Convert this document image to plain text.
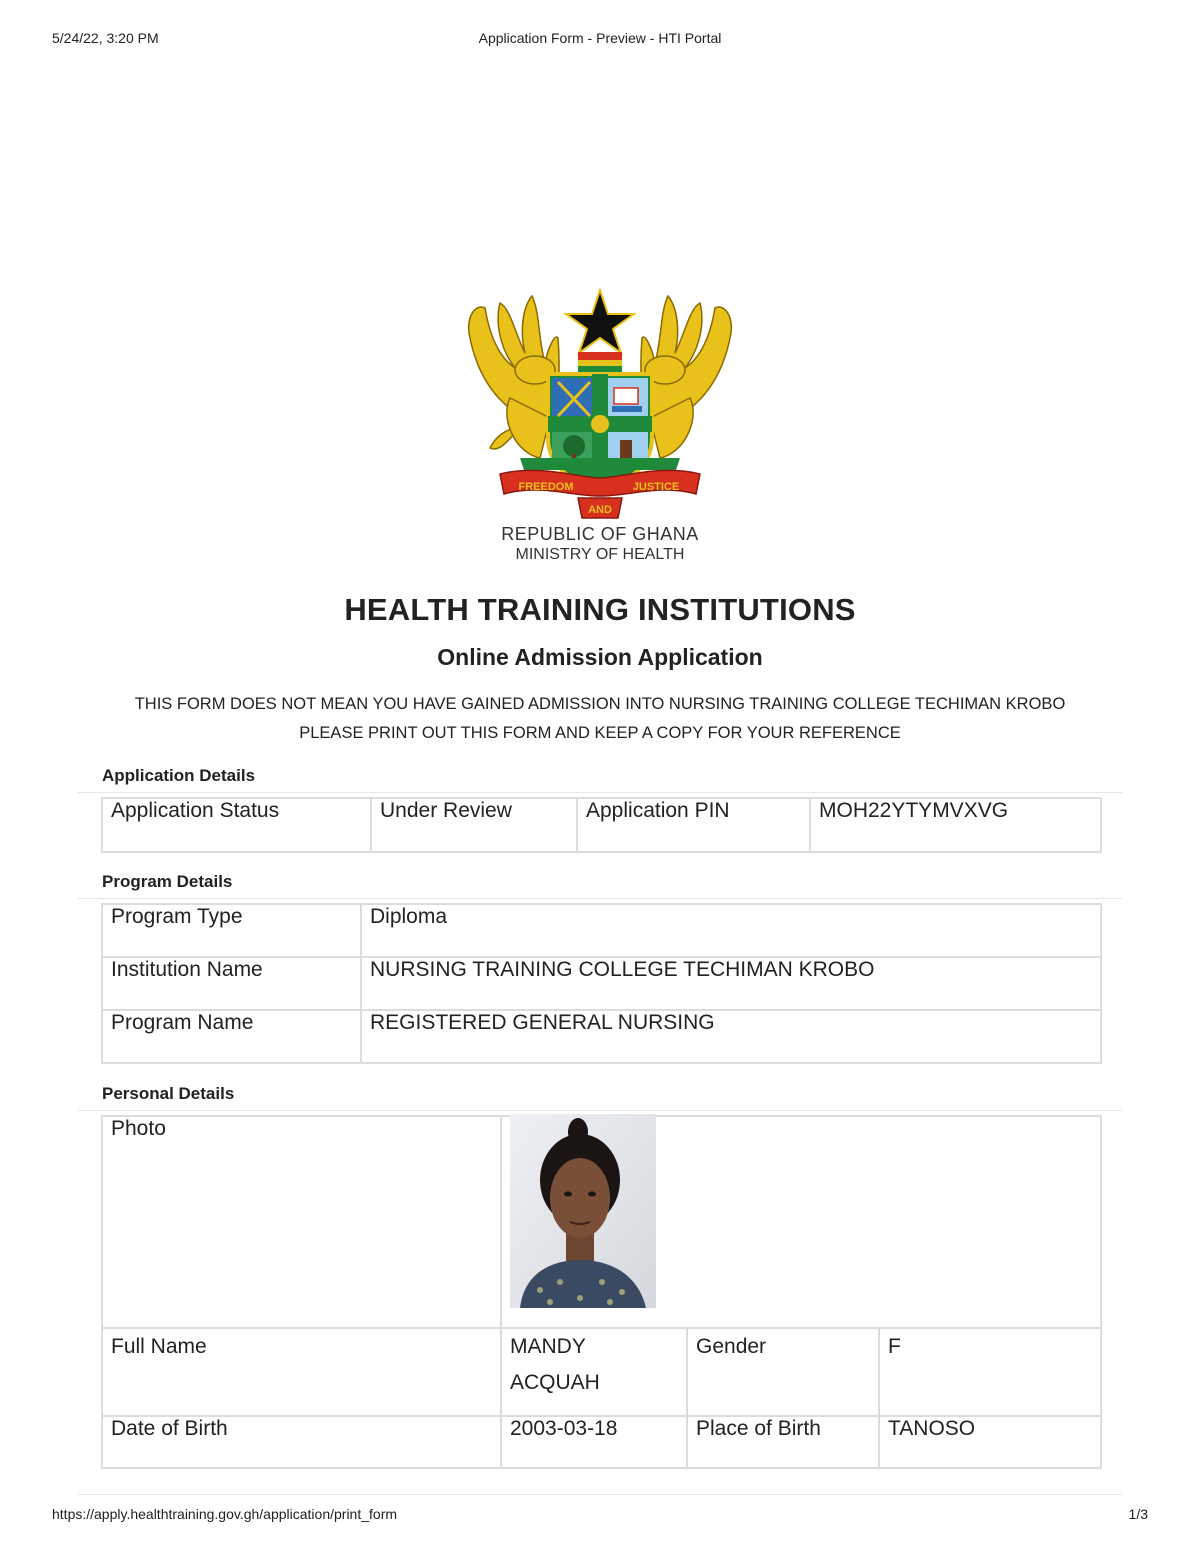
5/24/22, 3:20 PM	Application Form - Preview - HTI Portal
FREEDOM	JUSTICE
AND
REPUBLIC OF GHANA
MINISTRY OF HEALTH
HEALTH TRAINING INSTITUTIONS
Online Admission Application
THIS FORM DOES NOT MEAN YOU HAVE GAINED ADMISSION INTO NURSING TRAINING COLLEGE TECHIMAN KROBO PLEASE PRINT OUT THIS FORM AND KEEP A COPY FOR YOUR REFERENCE
Application Details
Application Status	Under Review	Application PIN	MOH22YTYMVXVG
Program Details
Program Type	Diploma
Institution Name	NURSING TRAINING COLLEGE TECHIMAN KROBO
Program Name	REGISTERED GENERAL NURSING
Personal Details
Photo	

Full Name	MANDY ACQUAH	Gender	F
Date of Birth	2003-03-18	Place of Birth	TANOSO
https://apply.healthtraining.gov.gh/application/print_form	1/3
